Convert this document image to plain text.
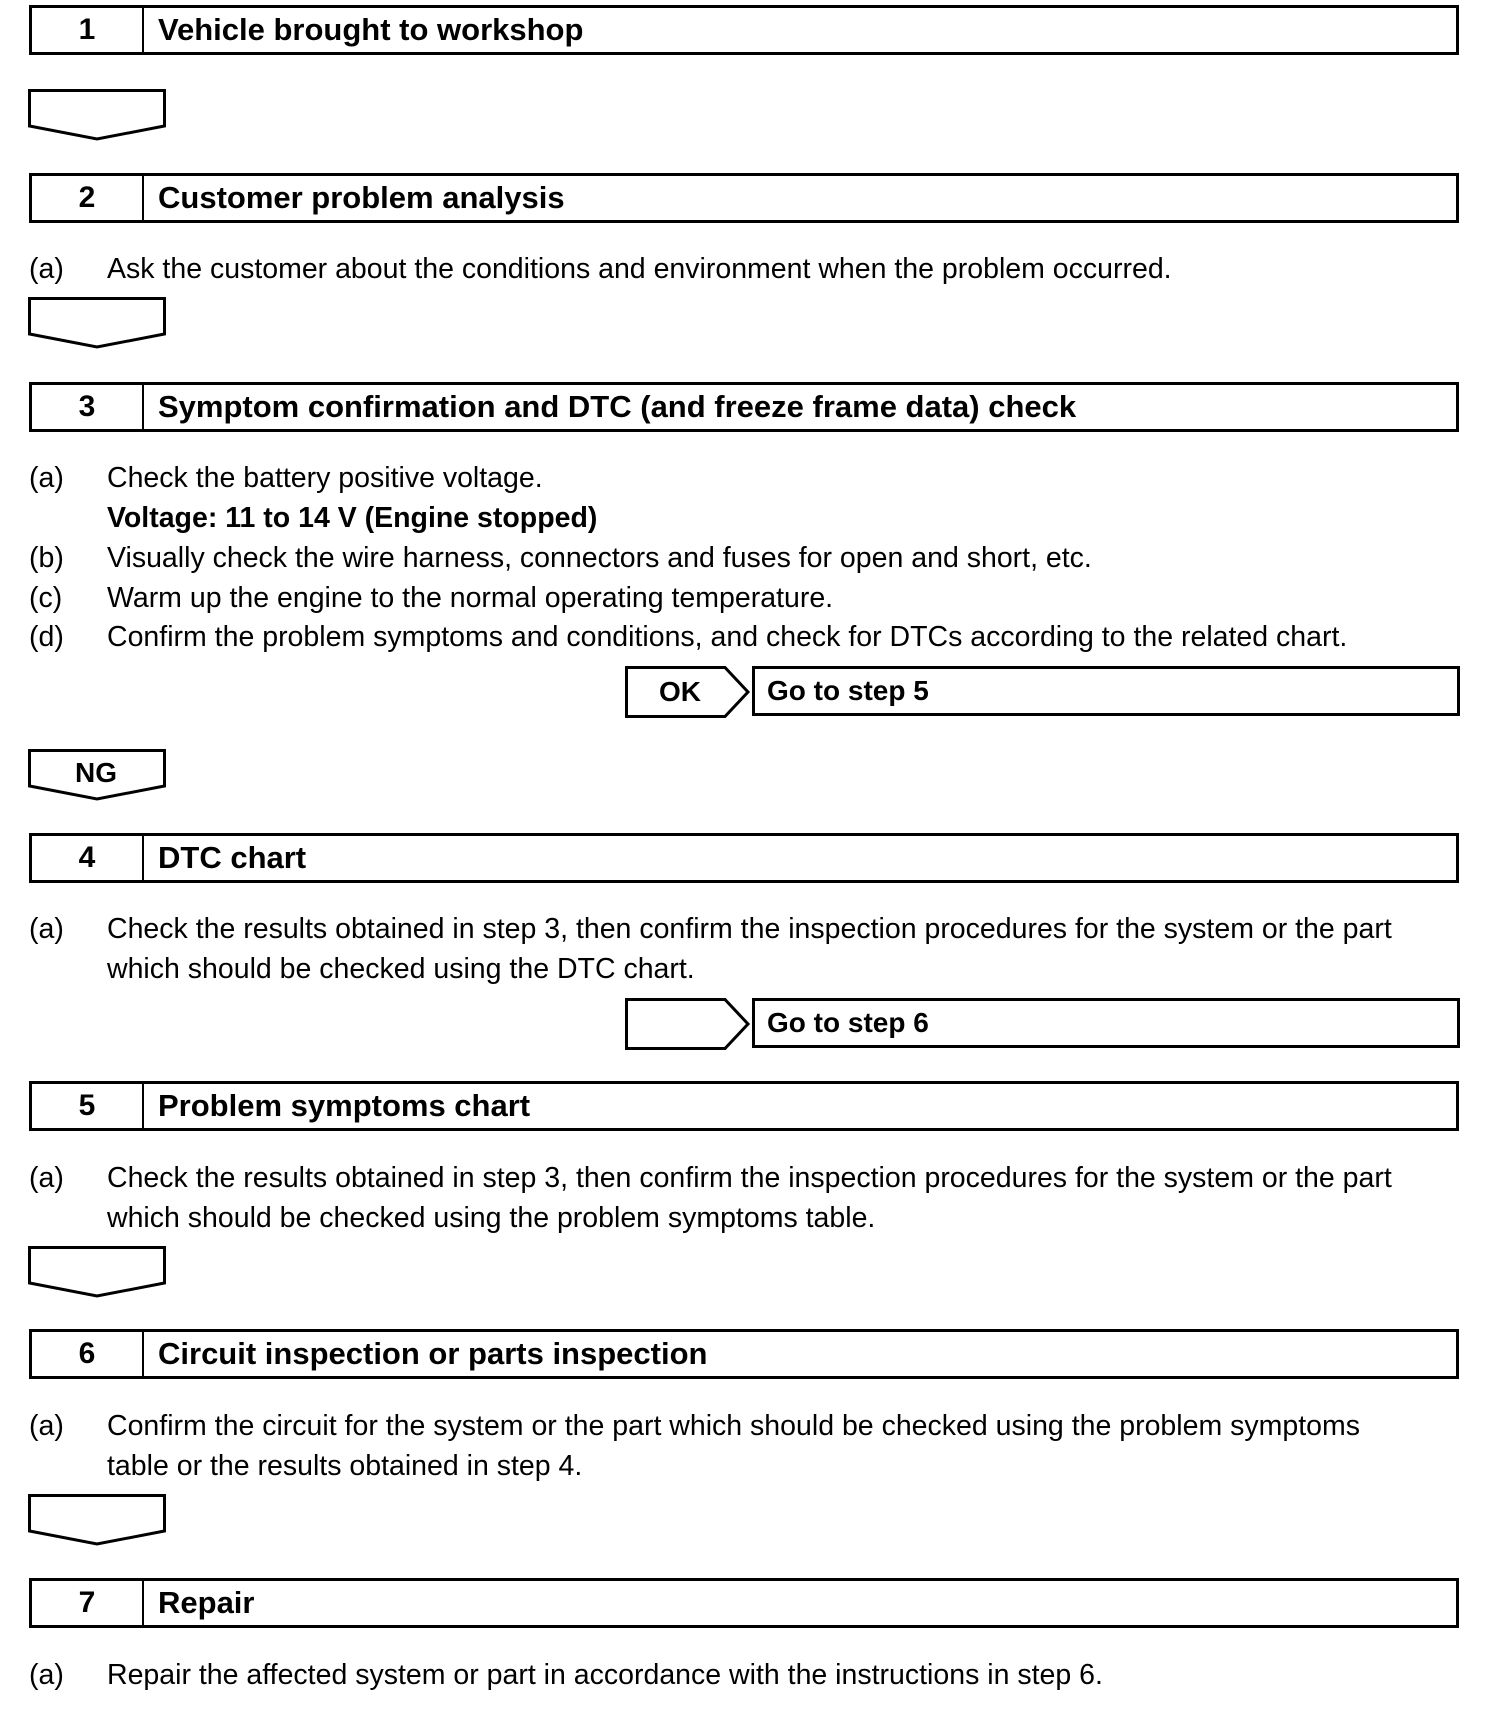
1	Vehicle brought to workshop
2	Customer problem analysis
(a) Ask the customer about the conditions and environment when the problem occurred.
3	Symptom confirmation and DTC (and freeze frame data) check
(a) Check the battery positive voltage.
Voltage: 11 to 14 V (Engine stopped)
(b) Visually check the wire harness, connectors and fuses for open and short, etc.
(c) Warm up the engine to the normal operating temperature.
(d) Confirm the problem symptoms and conditions, and check for DTCs according to the related chart.
OK	Go to step 5
NG
4	DTC chart
(a) Check the results obtained in step 3, then confirm the inspection procedures for the system or the part
which should be checked using the DTC chart.
Go to step 6
5	Problem symptoms chart
(a) Check the results obtained in step 3, then confirm the inspection procedures for the system or the part
which should be checked using the problem symptoms table.
6	Circuit inspection or parts inspection
(a) Confirm the circuit for the system or the part which should be checked using the problem symptoms
table or the results obtained in step 4.
7	Repair
(a) Repair the affected system or part in accordance with the instructions in step 6.
